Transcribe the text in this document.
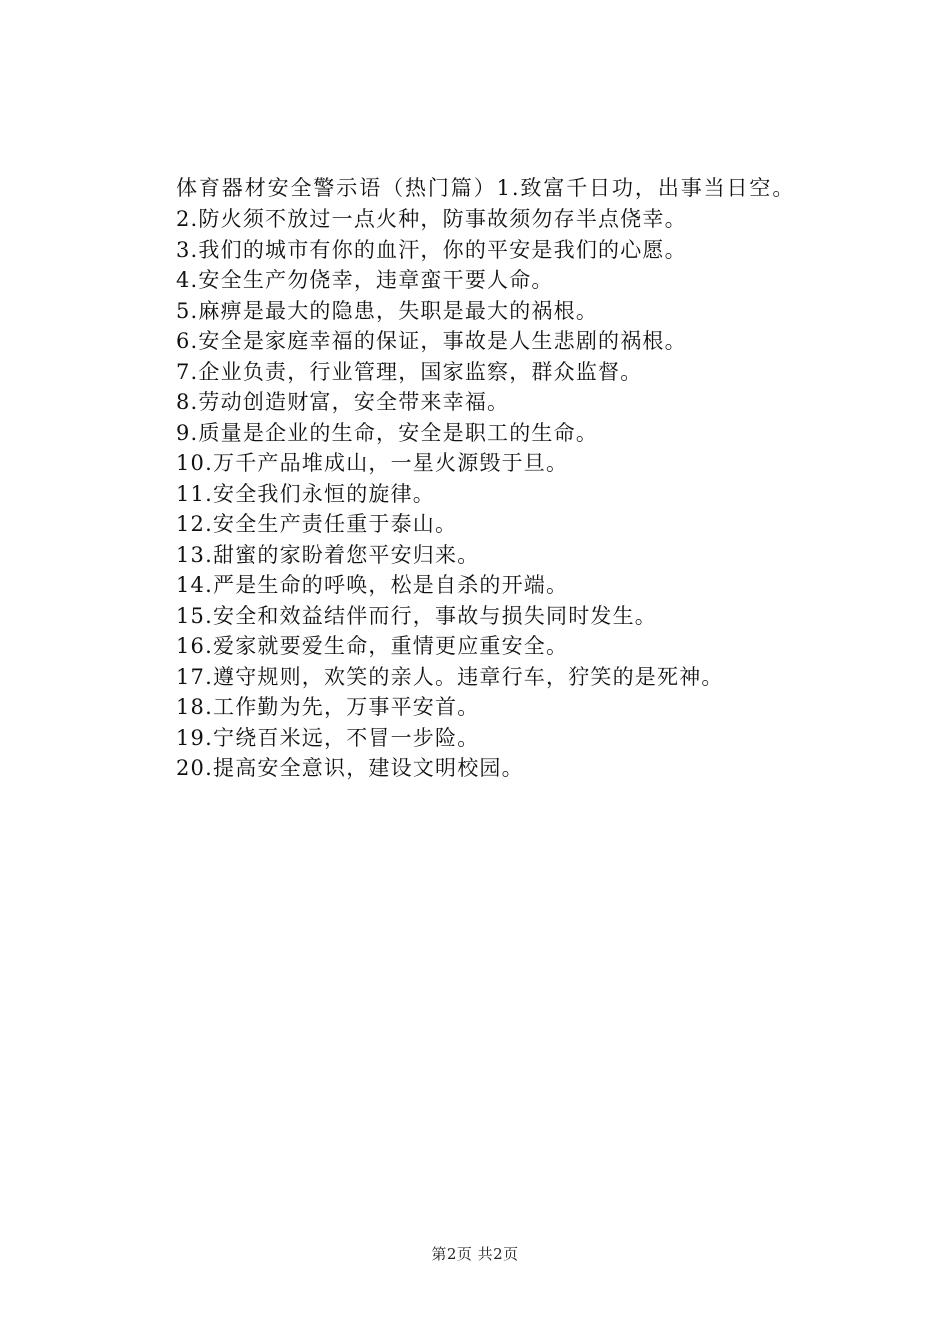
体育器材安全警示语（热门篇）1.致富千日功，出事当日空。

2.防火须不放过一点火种，防事故须勿存半点侥幸。

3.我们的城市有你的血汗，你的平安是我们的心愿。

4.安全生产勿侥幸，违章蛮干要人命。

5.麻痹是最大的隐患，失职是最大的祸根。

6.安全是家庭幸福的保证，事故是人生悲剧的祸根。

7.企业负责，行业管理，国家监察，群众监督。

8.劳动创造财富，安全带来幸福。

9.质量是企业的生命，安全是职工的生命。

10.万千产品堆成山，一星火源毁于旦。

11.安全我们永恒的旋律。

12.安全生产责任重于泰山。

13.甜蜜的家盼着您平安归来。

14.严是生命的呼唤，松是自杀的开端。

15.安全和效益结伴而行，事故与损失同时发生。

16.爱家就要爱生命，重情更应重安全。

17.遵守规则，欢笑的亲人。违章行车，狞笑的是死神。

18.工作勤为先，万事平安首。

19.宁绕百米远，不冒一步险。

20.提高安全意识，建设文明校园。

第2页 共2页
